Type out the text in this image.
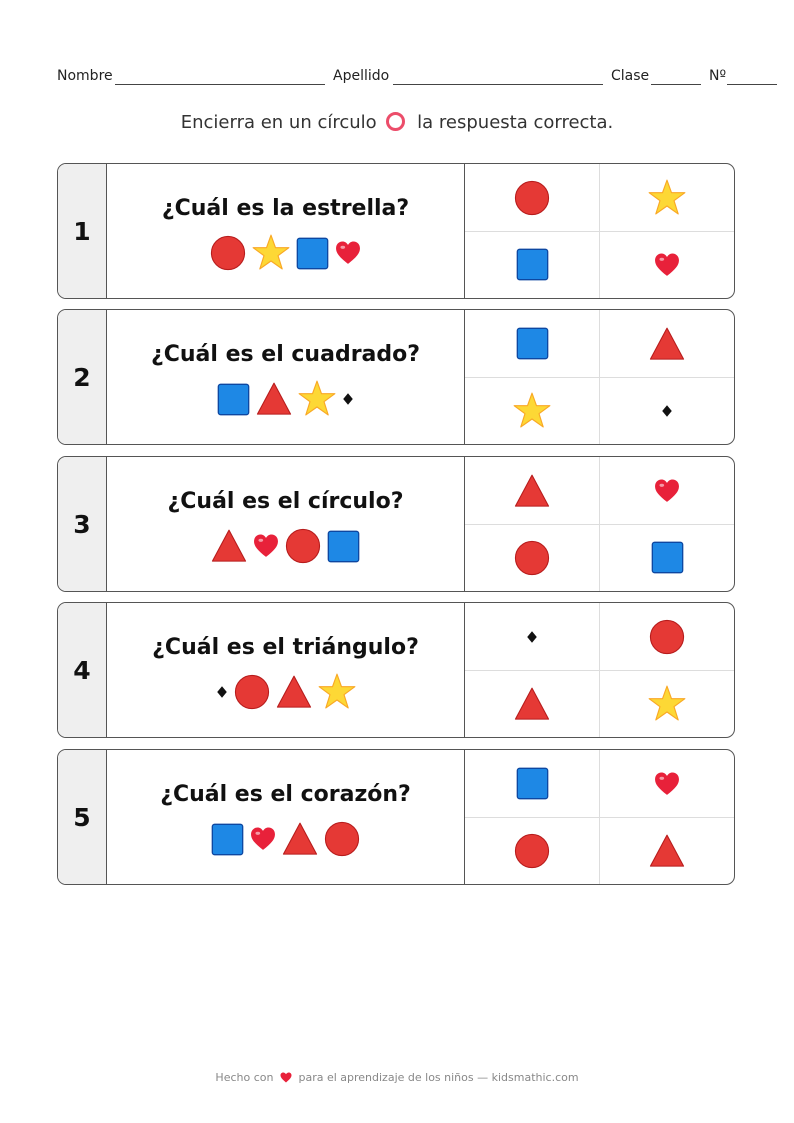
Nombre	Apellido	Clase	Nº
Encierra en un círculo la respuesta correcta.
1
¿Cuál es la estrella?
2
¿Cuál es el cuadrado?
3
¿Cuál es el círculo?
4
¿Cuál es el triángulo?
5
¿Cuál es el corazón?
Hecho con para el aprendizaje de los niños — kidsmathic.com
